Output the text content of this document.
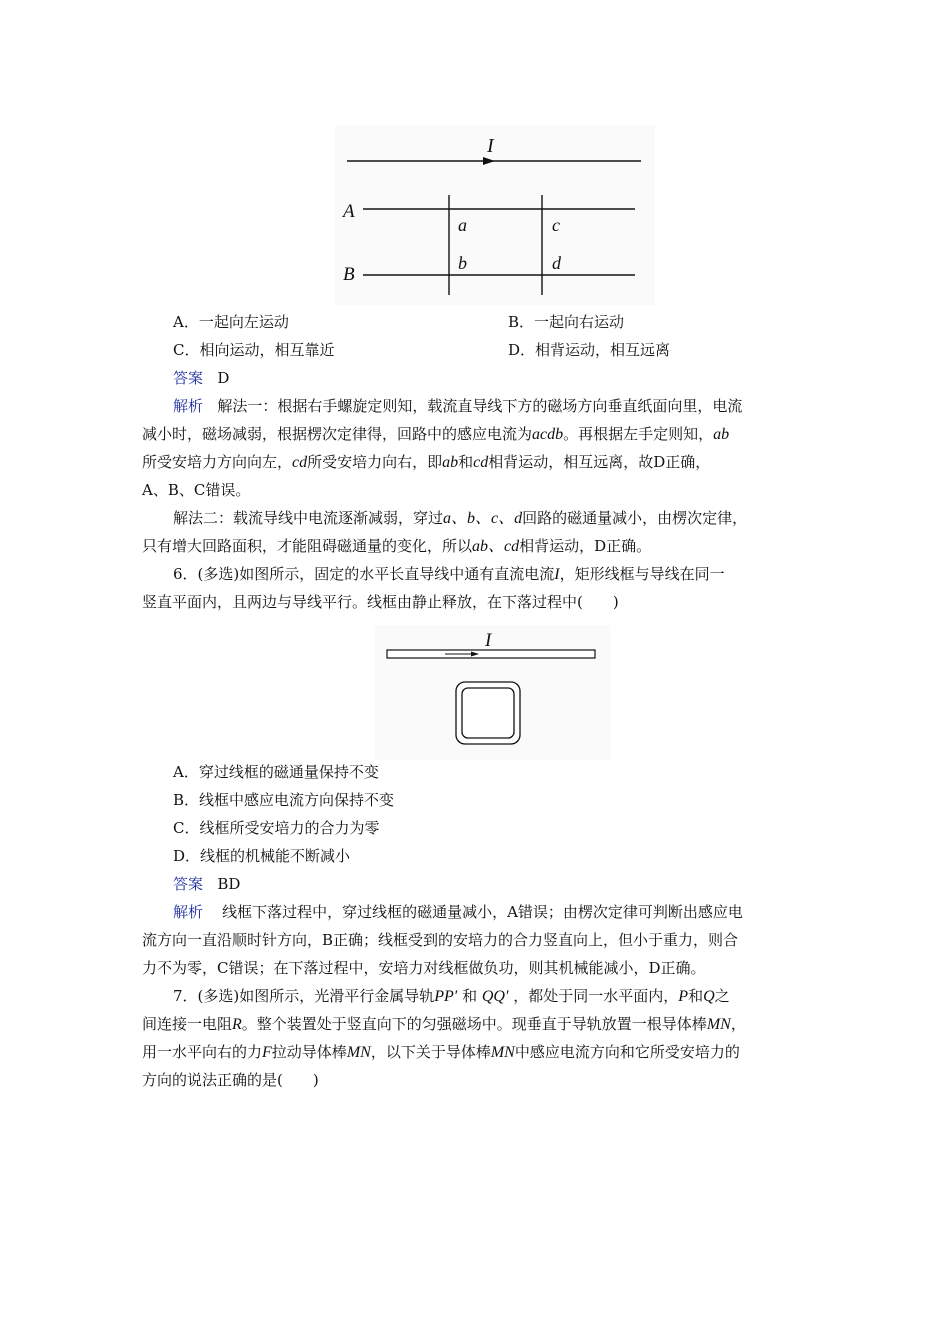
I
A
B
a
b
c
d
A．一起向左运动	B．一起向右运动
C．相向运动，相互靠近	D．相背运动，相互远离
答案 D
解析 解法一：根据右手螺旋定则知，载流直导线下方的磁场方向垂直纸面向里，电流
减小时，磁场减弱，根据楞次定律得，回路中的感应电流为acdb。再根据左手定则知，ab
所受安培力方向向左，cd所受安培力向右，即ab和cd相背运动，相互远离，故D正确，
A、B、C错误。
解法二：载流导线中电流逐渐减弱，穿过a、b、c、d回路的磁通量减小，由楞次定律，
只有增大回路面积，才能阻碍磁通量的变化，所以ab、cd相背运动，D正确。
6．(多选)如图所示，固定的水平长直导线中通有直流电流I，矩形线框与导线在同一
竖直平面内，且两边与导线平行。线框由静止释放，在下落过程中(　　)
I
A．穿过线框的磁通量保持不变
B．线框中感应电流方向保持不变
C．线框所受安培力的合力为零
D．线框的机械能不断减小
答案 BD
解析 线框下落过程中，穿过线框的磁通量减小，A错误；由楞次定律可判断出感应电
流方向一直沿顺时针方向，B正确；线框受到的安培力的合力竖直向上，但小于重力，则合
力不为零，C错误；在下落过程中，安培力对线框做负功，则其机械能减小，D正确。
7．(多选)如图所示，光滑平行金属导轨PP′ 和 QQ′ ，都处于同一水平面内，P和Q之
间连接一电阻R。整个装置处于竖直向下的匀强磁场中。现垂直于导轨放置一根导体棒MN，
用一水平向右的力F拉动导体棒MN，以下关于导体棒MN中感应电流方向和它所受安培力的
方向的说法正确的是(　　)
